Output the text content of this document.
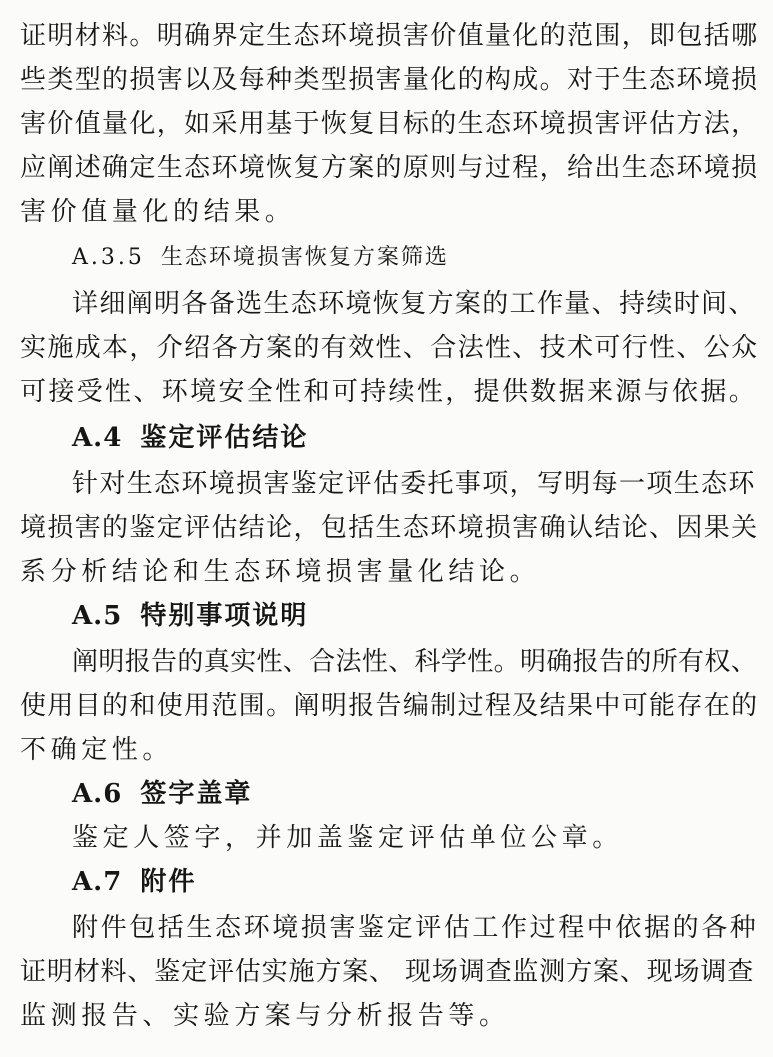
证明材料。明确界定生态环境损害价值量化的范围，即包括哪
些类型的损害以及每种类型损害量化的构成。对于生态环境损
害价值量化，如采用基于恢复目标的生态环境损害评估方法，
应阐述确定生态环境恢复方案的原则与过程，给出生态环境损
害价值量化的结果。
A.3.5 生态环境损害恢复方案筛选
详细阐明各备选生态环境恢复方案的工作量、持续时间、
实施成本，介绍各方案的有效性、合法性、技术可行性、公众
可接受性、环境安全性和可持续性，提供数据来源与依据。
A.4 鉴定评估结论
针对生态环境损害鉴定评估委托事项，写明每一项生态环
境损害的鉴定评估结论，包括生态环境损害确认结论、因果关
系分析结论和生态环境损害量化结论。
A.5 特别事项说明
阐明报告的真实性、合法性、科学性。明确报告的所有权、
使用目的和使用范围。阐明报告编制过程及结果中可能存在的
不确定性。
A.6 签字盖章
鉴定人签字，并加盖鉴定评估单位公章。
A.7 附件
附件包括生态环境损害鉴定评估工作过程中依据的各种
证明材料、鉴定评估实施方案、 现场调查监测方案、现场调查
监测报告、实验方案与分析报告等。
